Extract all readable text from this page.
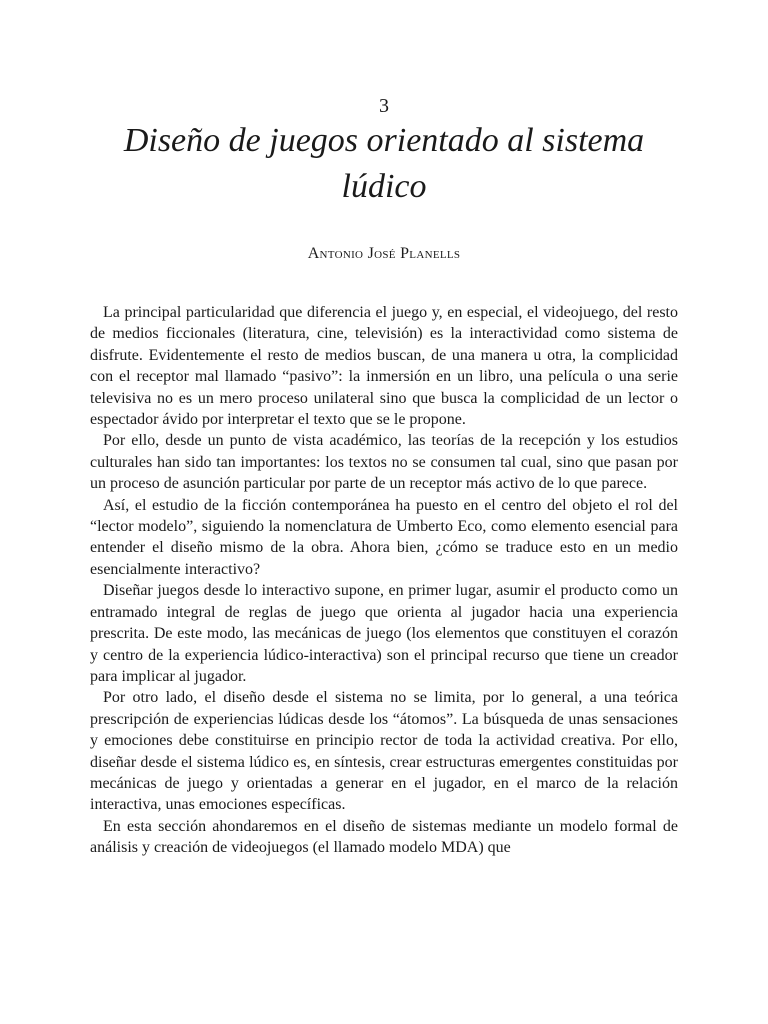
3
Diseño de juegos orientado al sistema lúdico
Antonio José Planells

La principal particularidad que diferencia el juego y, en especial, el videojuego, del resto de medios ficcionales (literatura, cine, televisión) es la interactividad como sistema de disfrute. Evidentemente el resto de medios buscan, de una manera u otra, la complicidad con el receptor mal llamado “pasivo”: la inmersión en un libro, una película o una serie televisiva no es un mero proceso unilateral sino que busca la complicidad de un lector o espectador ávido por interpretar el texto que se le propone.

Por ello, desde un punto de vista académico, las teorías de la recepción y los estudios culturales han sido tan importantes: los textos no se consumen tal cual, sino que pasan por un proceso de asunción particular por parte de un receptor más activo de lo que parece.

Así, el estudio de la ficción contemporánea ha puesto en el centro del objeto el rol del “lector modelo”, siguiendo la nomenclatura de Umberto Eco, como elemento esencial para entender el diseño mismo de la obra. Ahora bien, ¿cómo se traduce esto en un medio esencialmente interactivo?

Diseñar juegos desde lo interactivo supone, en primer lugar, asumir el producto como un entramado integral de reglas de juego que orienta al jugador hacia una experiencia prescrita. De este modo, las mecánicas de juego (los elementos que constituyen el corazón y centro de la experiencia lúdico-interactiva) son el principal recurso que tiene un creador para implicar al jugador.

Por otro lado, el diseño desde el sistema no se limita, por lo general, a una teórica prescripción de experiencias lúdicas desde los “átomos”. La búsqueda de unas sensaciones y emociones debe constituirse en principio rector de toda la actividad creativa. Por ello, diseñar desde el sistema lúdico es, en síntesis, crear estructuras emergentes constituidas por mecánicas de juego y orientadas a generar en el jugador, en el marco de la relación interactiva, unas emociones específicas.

En esta sección ahondaremos en el diseño de sistemas mediante un modelo formal de análisis y creación de videojuegos (el llamado modelo MDA) que
